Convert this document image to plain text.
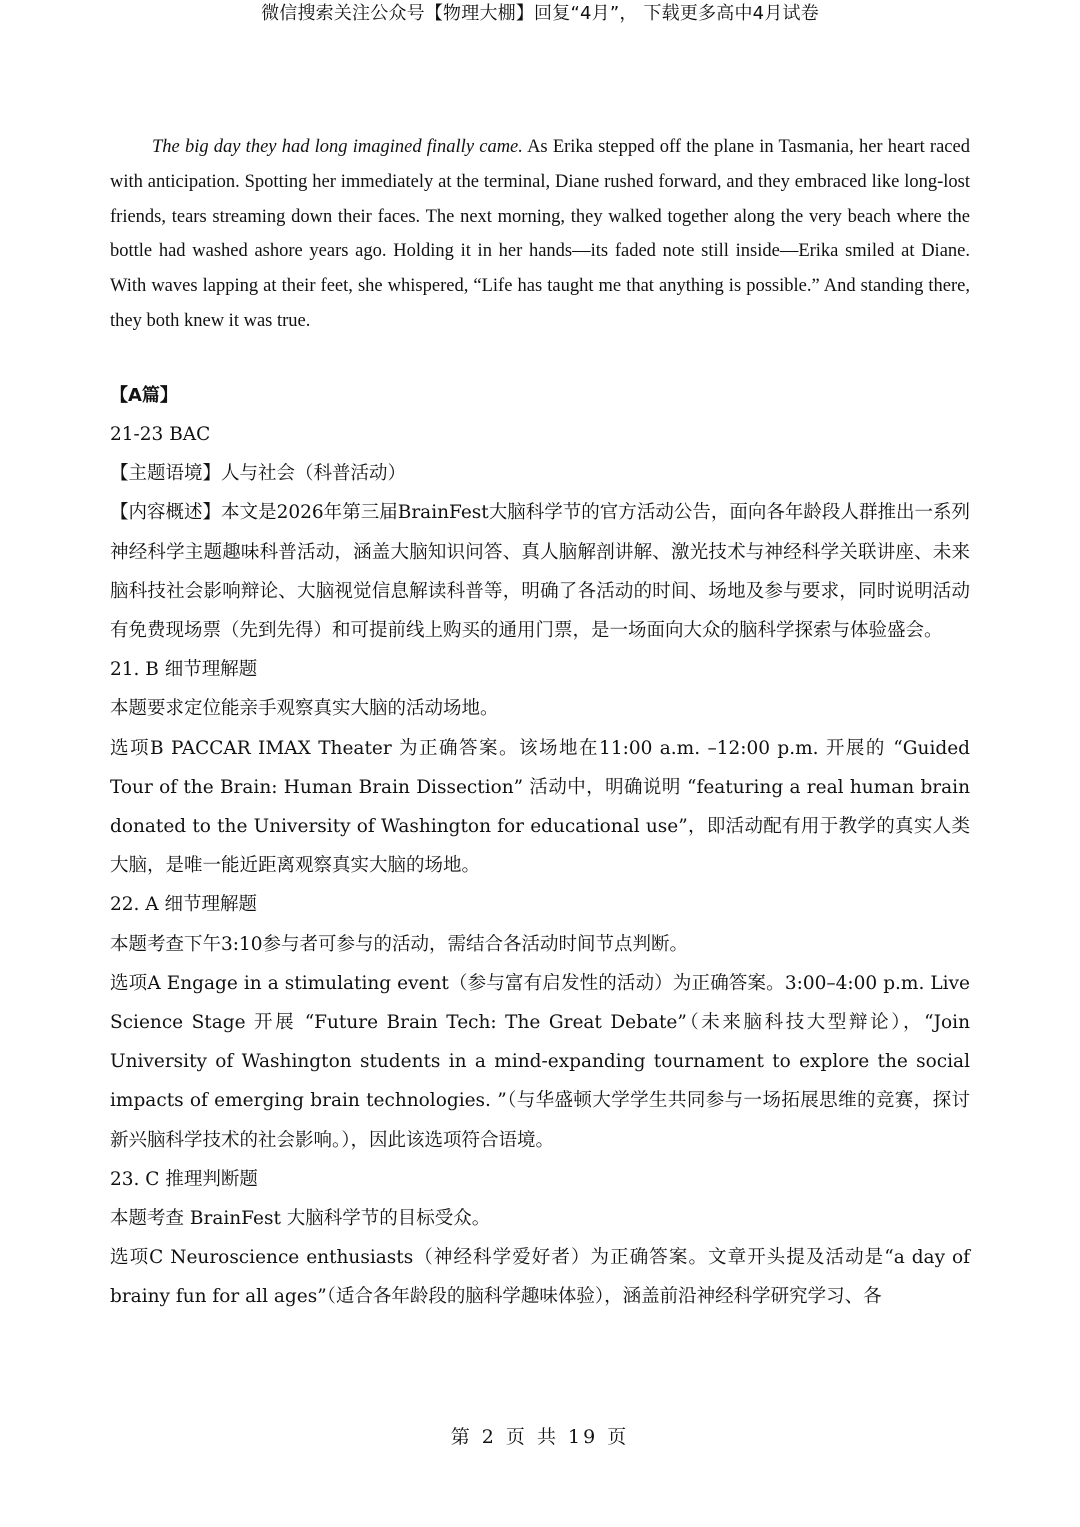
微信搜索关注公众号【物理大棚】回复“4月”， 下载更多高中4月试卷

The big day they had long imagined finally came. As Erika stepped off the plane in Tasmania, her heart raced with anticipation. Spotting her immediately at the terminal, Diane rushed forward, and they embraced like long-lost friends, tears streaming down their faces. The next morning, they walked together along the very beach where the bottle had washed ashore years ago. Holding it in her hands—its faded note still inside—Erika smiled at Diane. With waves lapping at their feet, she whispered, “Life has taught me that anything is possible.” And standing there, they both knew it was true.

【A篇】

21-23 BAC

【主题语境】人与社会（科普活动）

【内容概述】本文是2026年第三届BrainFest大脑科学节的官方活动公告，面向各年龄段人群推出一系列神经科学主题趣味科普活动，涵盖大脑知识问答、真人脑解剖讲解、激光技术与神经科学关联讲座、未来脑科技社会影响辩论、大脑视觉信息解读科普等，明确了各活动的时间、场地及参与要求，同时说明活动有免费现场票（先到先得）和可提前线上购买的通用门票，是一场面向大众的脑科学探索与体验盛会。

21. B 细节理解题

本题要求定位能亲手观察真实大脑的活动场地。

选项B PACCAR IMAX Theater 为正确答案。该场地在11:00 a.m. –12:00 p.m. 开展的 “Guided Tour of the Brain: Human Brain Dissection” 活动中，明确说明 “featuring a real human brain donated to the University of Washington for educational use”，即活动配有用于教学的真实人类大脑，是唯一能近距离观察真实大脑的场地。

22. A 细节理解题

本题考查下午3:10参与者可参与的活动，需结合各活动时间节点判断。

选项A Engage in a stimulating event（参与富有启发性的活动）为正确答案。3:00–4:00 p.m. Live Science Stage 开展 “Future Brain Tech: The Great Debate”（未来脑科技大型辩论），“Join University of Washington students in a mind-expanding tournament to explore the social impacts of emerging brain technologies. ”（与华盛顿大学学生共同参与一场拓展思维的竞赛，探讨新兴脑科学技术的社会影响。），因此该选项符合语境。

23. C 推理判断题

本题考查 BrainFest 大脑科学节的目标受众。

选项C Neuroscience enthusiasts（神经科学爱好者）为正确答案。文章开头提及活动是“a day of brainy fun for all ages”（适合各年龄段的脑科学趣味体验），涵盖前沿神经科学研究学习、各

第 2 页 共 19 页
